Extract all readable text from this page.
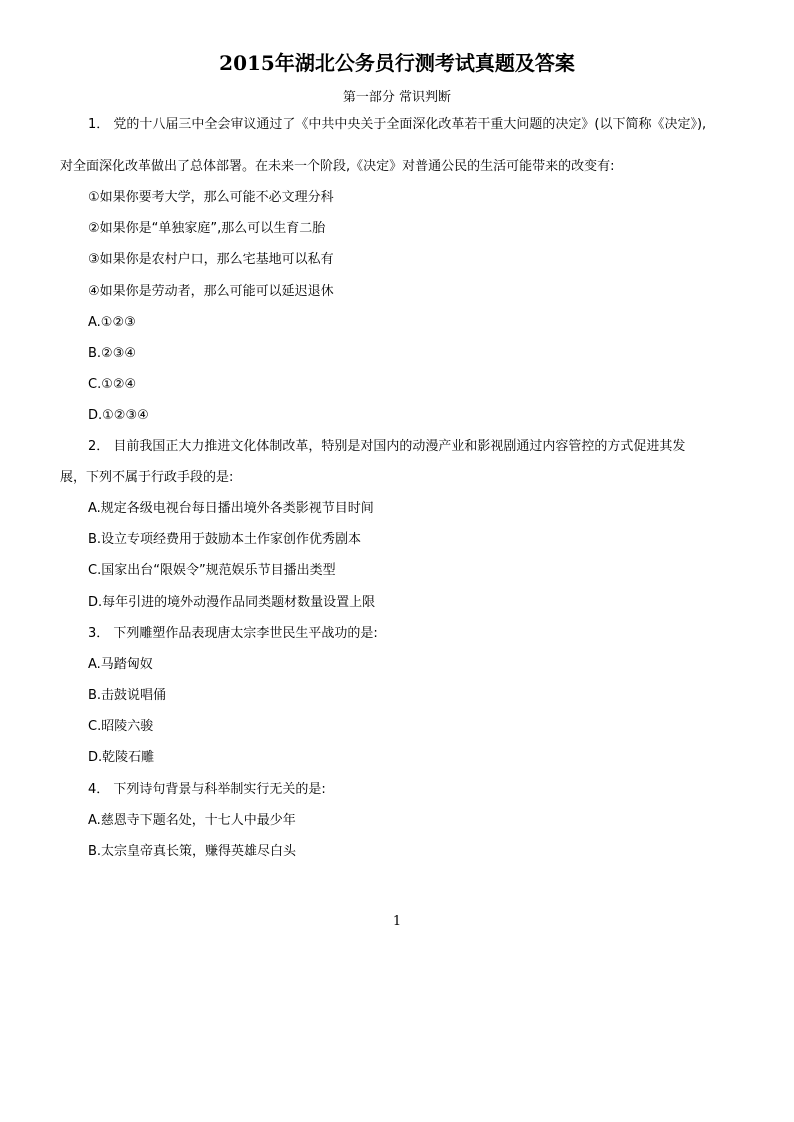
2015年湖北公务员行测考试真题及答案
第一部分 常识判断
1． 党的十八届三中全会审议通过了《中共中央关于全面深化改革若干重大问题的决定》(以下简称《决定》),
对全面深化改革做出了总体部署。在未来一个阶段,《决定》对普通公民的生活可能带来的改变有:
①如果你要考大学，那么可能不必文理分科
②如果你是“单独家庭”,那么可以生育二胎
③如果你是农村户口，那么宅基地可以私有
④如果你是劳动者，那么可能可以延迟退休
A.①②③
B.②③④
C.①②④
D.①②③④
2． 目前我国正大力推进文化体制改革，特别是对国内的动漫产业和影视剧通过内容管控的方式促进其发
展，下列不属于行政手段的是:
A.规定各级电视台每日播出境外各类影视节目时间
B.设立专项经费用于鼓励本土作家创作优秀剧本
C.国家出台“限娱令”规范娱乐节目播出类型
D.每年引进的境外动漫作品同类题材数量设置上限
3． 下列雕塑作品表现唐太宗李世民生平战功的是:
A.马踏匈奴
B.击鼓说唱俑
C.昭陵六骏
D.乾陵石雕
4． 下列诗句背景与科举制实行无关的是:
A.慈恩寺下题名处，十七人中最少年
B.太宗皇帝真长策，赚得英雄尽白头
1
